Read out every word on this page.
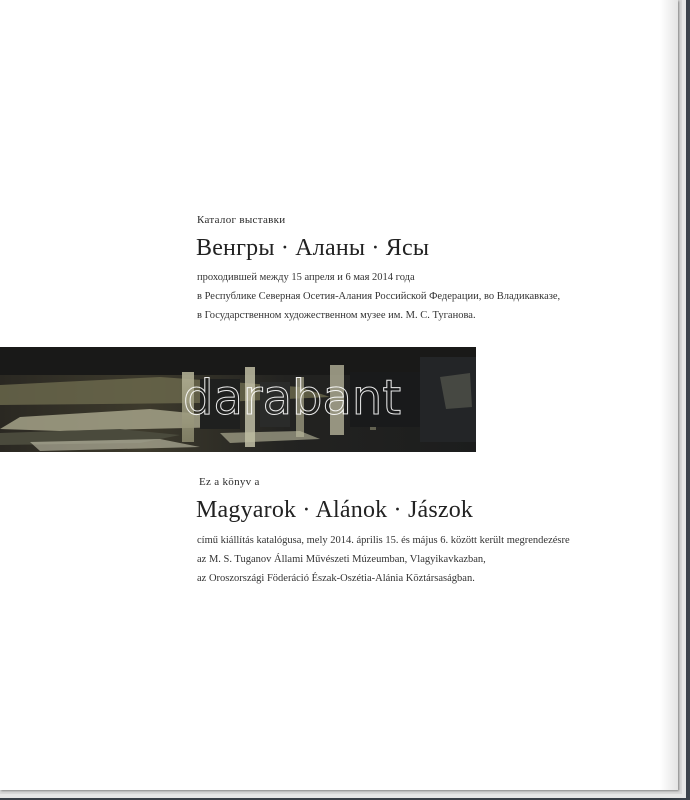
Каталог выставки
Венгры · Аланы · Ясы
проходившей между 15 апреля и 6 мая 2014 года
в Республике Северная Осетия-Алания Российской Федерации, во Владикавказе,
в Государственном художественном музее им. М. С. Туганова.
darabant
Ez a könyv a
Magyarok · Alánok · Jászok
című kiállítás katalógusa, mely 2014. április 15. és május 6. között került megrendezésre
az M. S. Tuganov Állami Művészeti Múzeumban, Vlagyikavkazban,
az Oroszországi Föderáció Észak-Oszétia-Alánia Köztársaságban.
